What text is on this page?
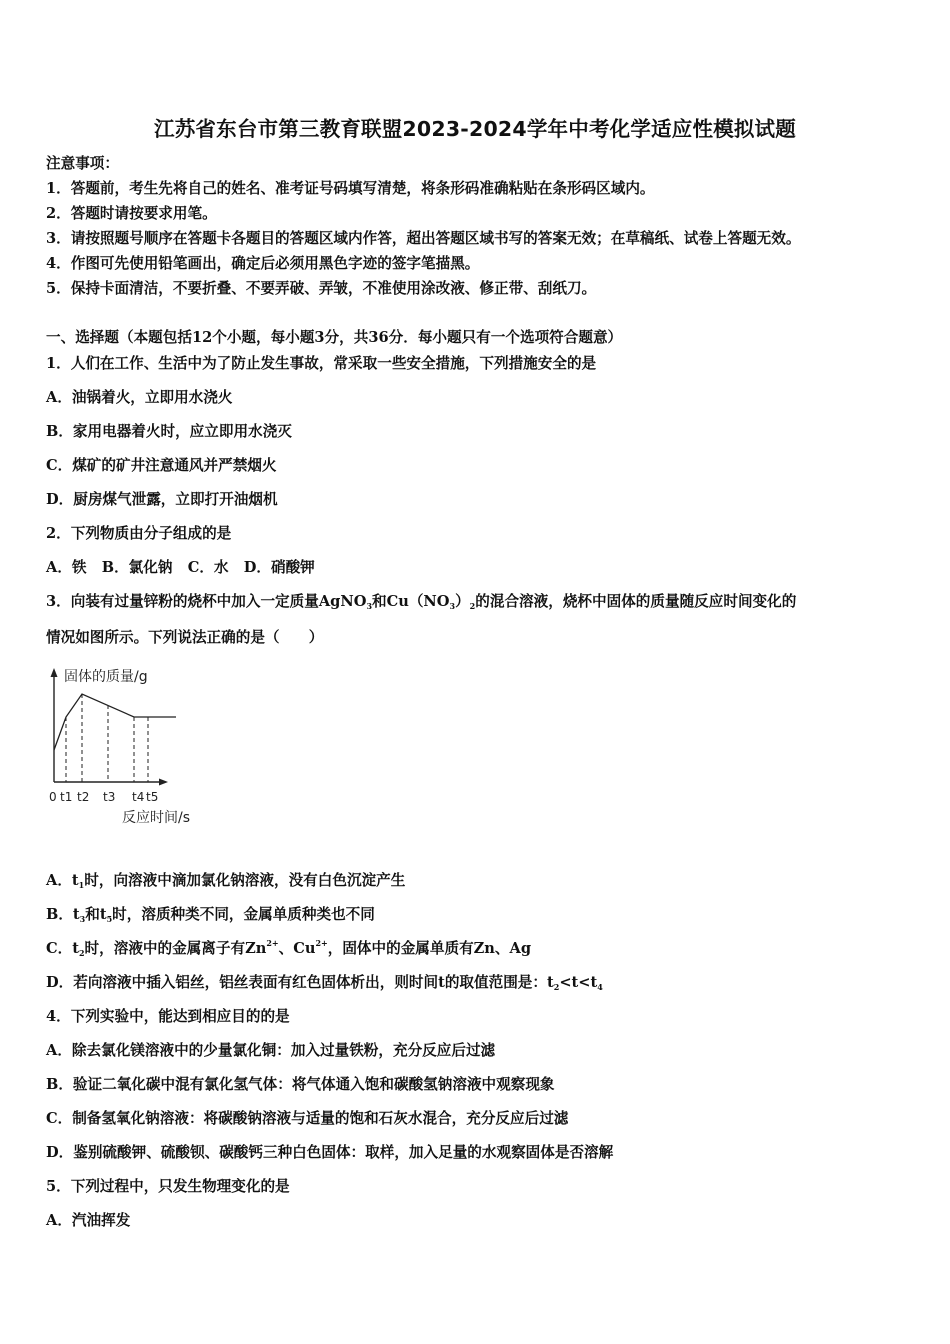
江苏省东台市第三教育联盟2023-2024学年中考化学适应性模拟试题
注意事项：
1．答题前，考生先将自己的姓名、准考证号码填写清楚，将条形码准确粘贴在条形码区域内。
2．答题时请按要求用笔。
3．请按照题号顺序在答题卡各题目的答题区域内作答，超出答题区域书写的答案无效；在草稿纸、试卷上答题无效。
4．作图可先使用铅笔画出，确定后必须用黑色字迹的签字笔描黑。
5．保持卡面清洁，不要折叠、不要弄破、弄皱，不准使用涂改液、修正带、刮纸刀。
一、选择题（本题包括12个小题，每小题3分，共36分．每小题只有一个选项符合题意）
1．人们在工作、生活中为了防止发生事故，常采取一些安全措施，下列措施安全的是
A．油锅着火，立即用水浇火
B．家用电器着火时，应立即用水浇灭
C．煤矿的矿井注意通风并严禁烟火
D．厨房煤气泄露，立即打开油烟机
2．下列物质由分子组成的是
A．铁   B．氯化钠   C．水   D．硝酸钾
3．向装有过量锌粉的烧杯中加入一定质量AgNO$_3$和$Cu(NO_3)_2$的混合溶液，烧杯中固体的质量随反应时间变化的
情况如图所示。下列说法正确的是（　　）
固体的质量/g
0 t1 t2 t3 t4 t5
反应时间/s
A．$t_1$时，向溶液中滴加氯化钠溶液，没有白色沉淀产生
B．$t_3$和$t_5$时，溶质种类不同，金属单质种类也不同
C．$t_2$时，溶液中的金属离子有$Zn^{2+}$、$Cu^{2+}$，固体中的金属单质有Zn、Ag
D．若向溶液中插入铝丝，铝丝表面有红色固体析出，则时间t的取值范围是：$t_2<t<t_4$
4．下列实验中，能达到相应目的的是
A．除去氯化镁溶液中的少量氯化铜：加入过量铁粉，充分反应后过滤
B．验证二氧化碳中混有氯化氢气体：将气体通入饱和碳酸氢钠溶液中观察现象
C．制备氢氧化钠溶液：将碳酸钠溶液与适量的饱和石灰水混合，充分反应后过滤
D．鉴别硫酸钾、硫酸钡、碳酸钙三种白色固体：取样，加入足量的水观察固体是否溶解
5．下列过程中，只发生物理变化的是
A．汽油挥发
